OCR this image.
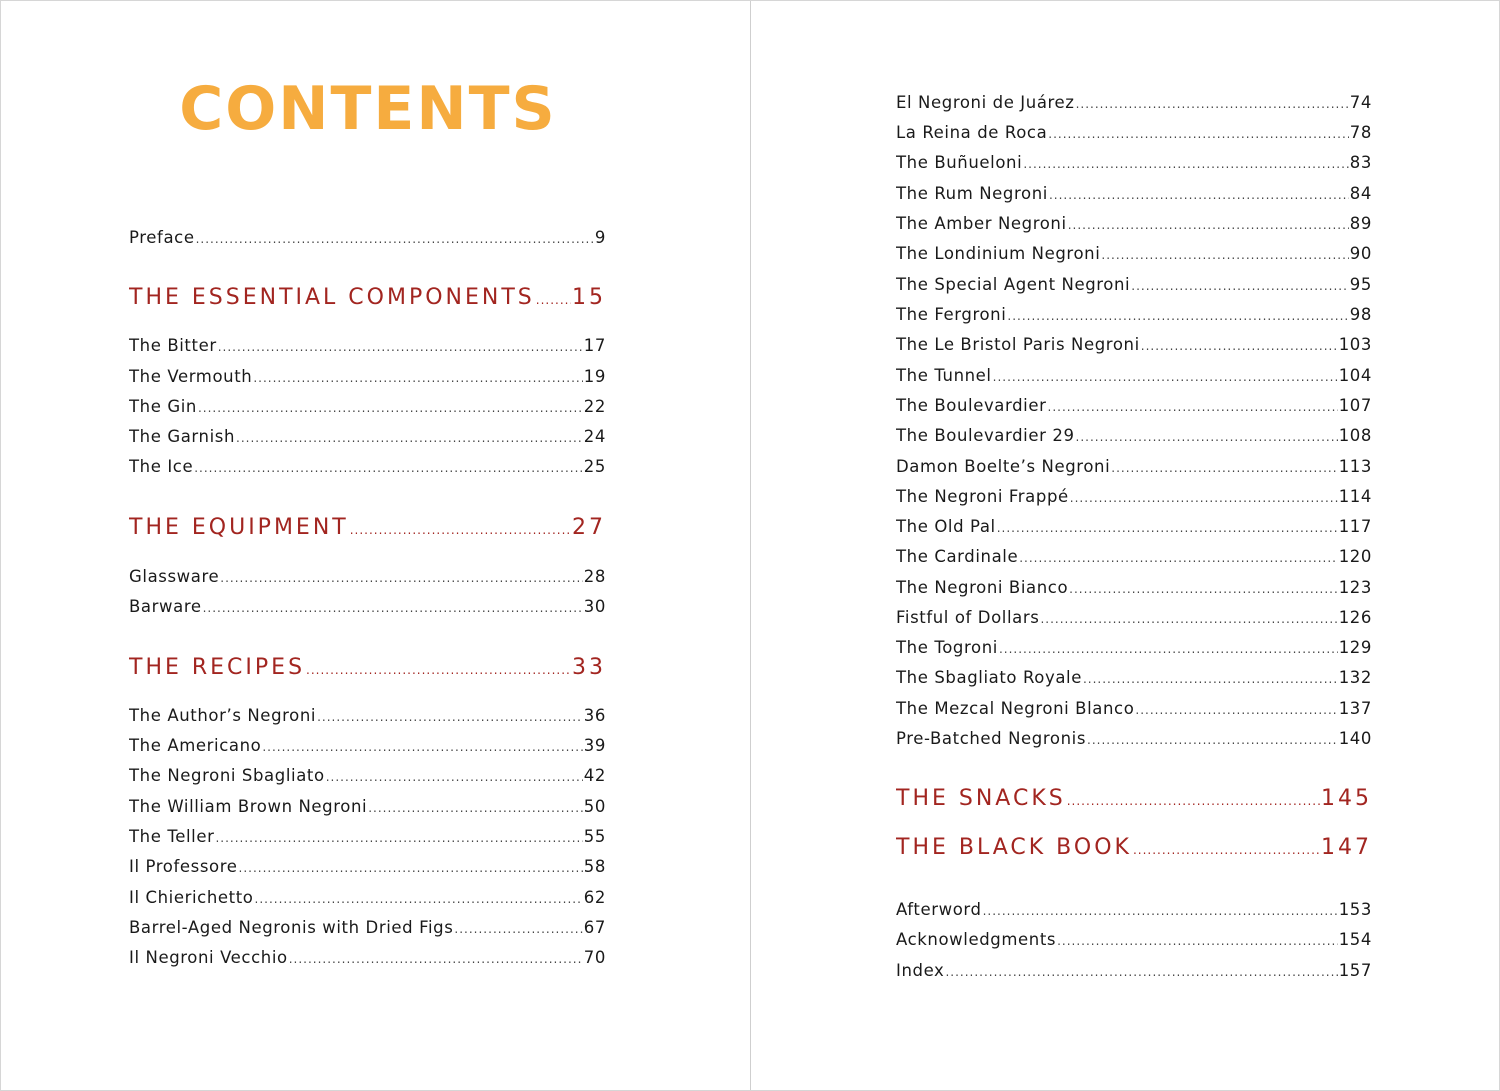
CONTENTS
Preface .....	9
THE ESSENTIAL COMPONENTS ..... 15
The Bitter .....	17
The Vermouth .....	19
The Gin .....	22
The Garnish .....	24
The Ice .....	25
THE EQUIPMENT .....	27
Glassware .....	28
Barware .....	30
THE RECIPES .....	33
The Author’s Negroni .....	36
The Americano .....	39
The Negroni Sbagliato .....	42
The William Brown Negroni .....	50
The Teller .....	55
Il Professore .....	58
Il Chierichetto .....	62
Barrel-Aged Negronis with Dried Figs .....	67
Il Negroni Vecchio .....	70
El Negroni de Juárez .....	74
La Reina de Roca .....	78
The Buñueloni .....	83
The Rum Negroni .....	84
The Amber Negroni .....	89
The Londinium Negroni .....	90
The Special Agent Negroni .....	95
The Fergroni .....	98
The Le Bristol Paris Negroni .....	103
The Tunnel .....	104
The Boulevardier .....	107
The Boulevardier 29 .....	108
Damon Boelte’s Negroni .....	113
The Negroni Frappé .....	114
The Old Pal .....	117
The Cardinale .....	120
The Negroni Bianco .....	123
Fistful of Dollars .....	126
The Togroni .....	129
The Sbagliato Royale .....	132
The Mezcal Negroni Blanco .....	137
Pre-Batched Negronis .....	140
THE SNACKS .....	145
THE BLACK BOOK .....	147
Afterword .....	153
Acknowledgments .....	154
Index .....	157
